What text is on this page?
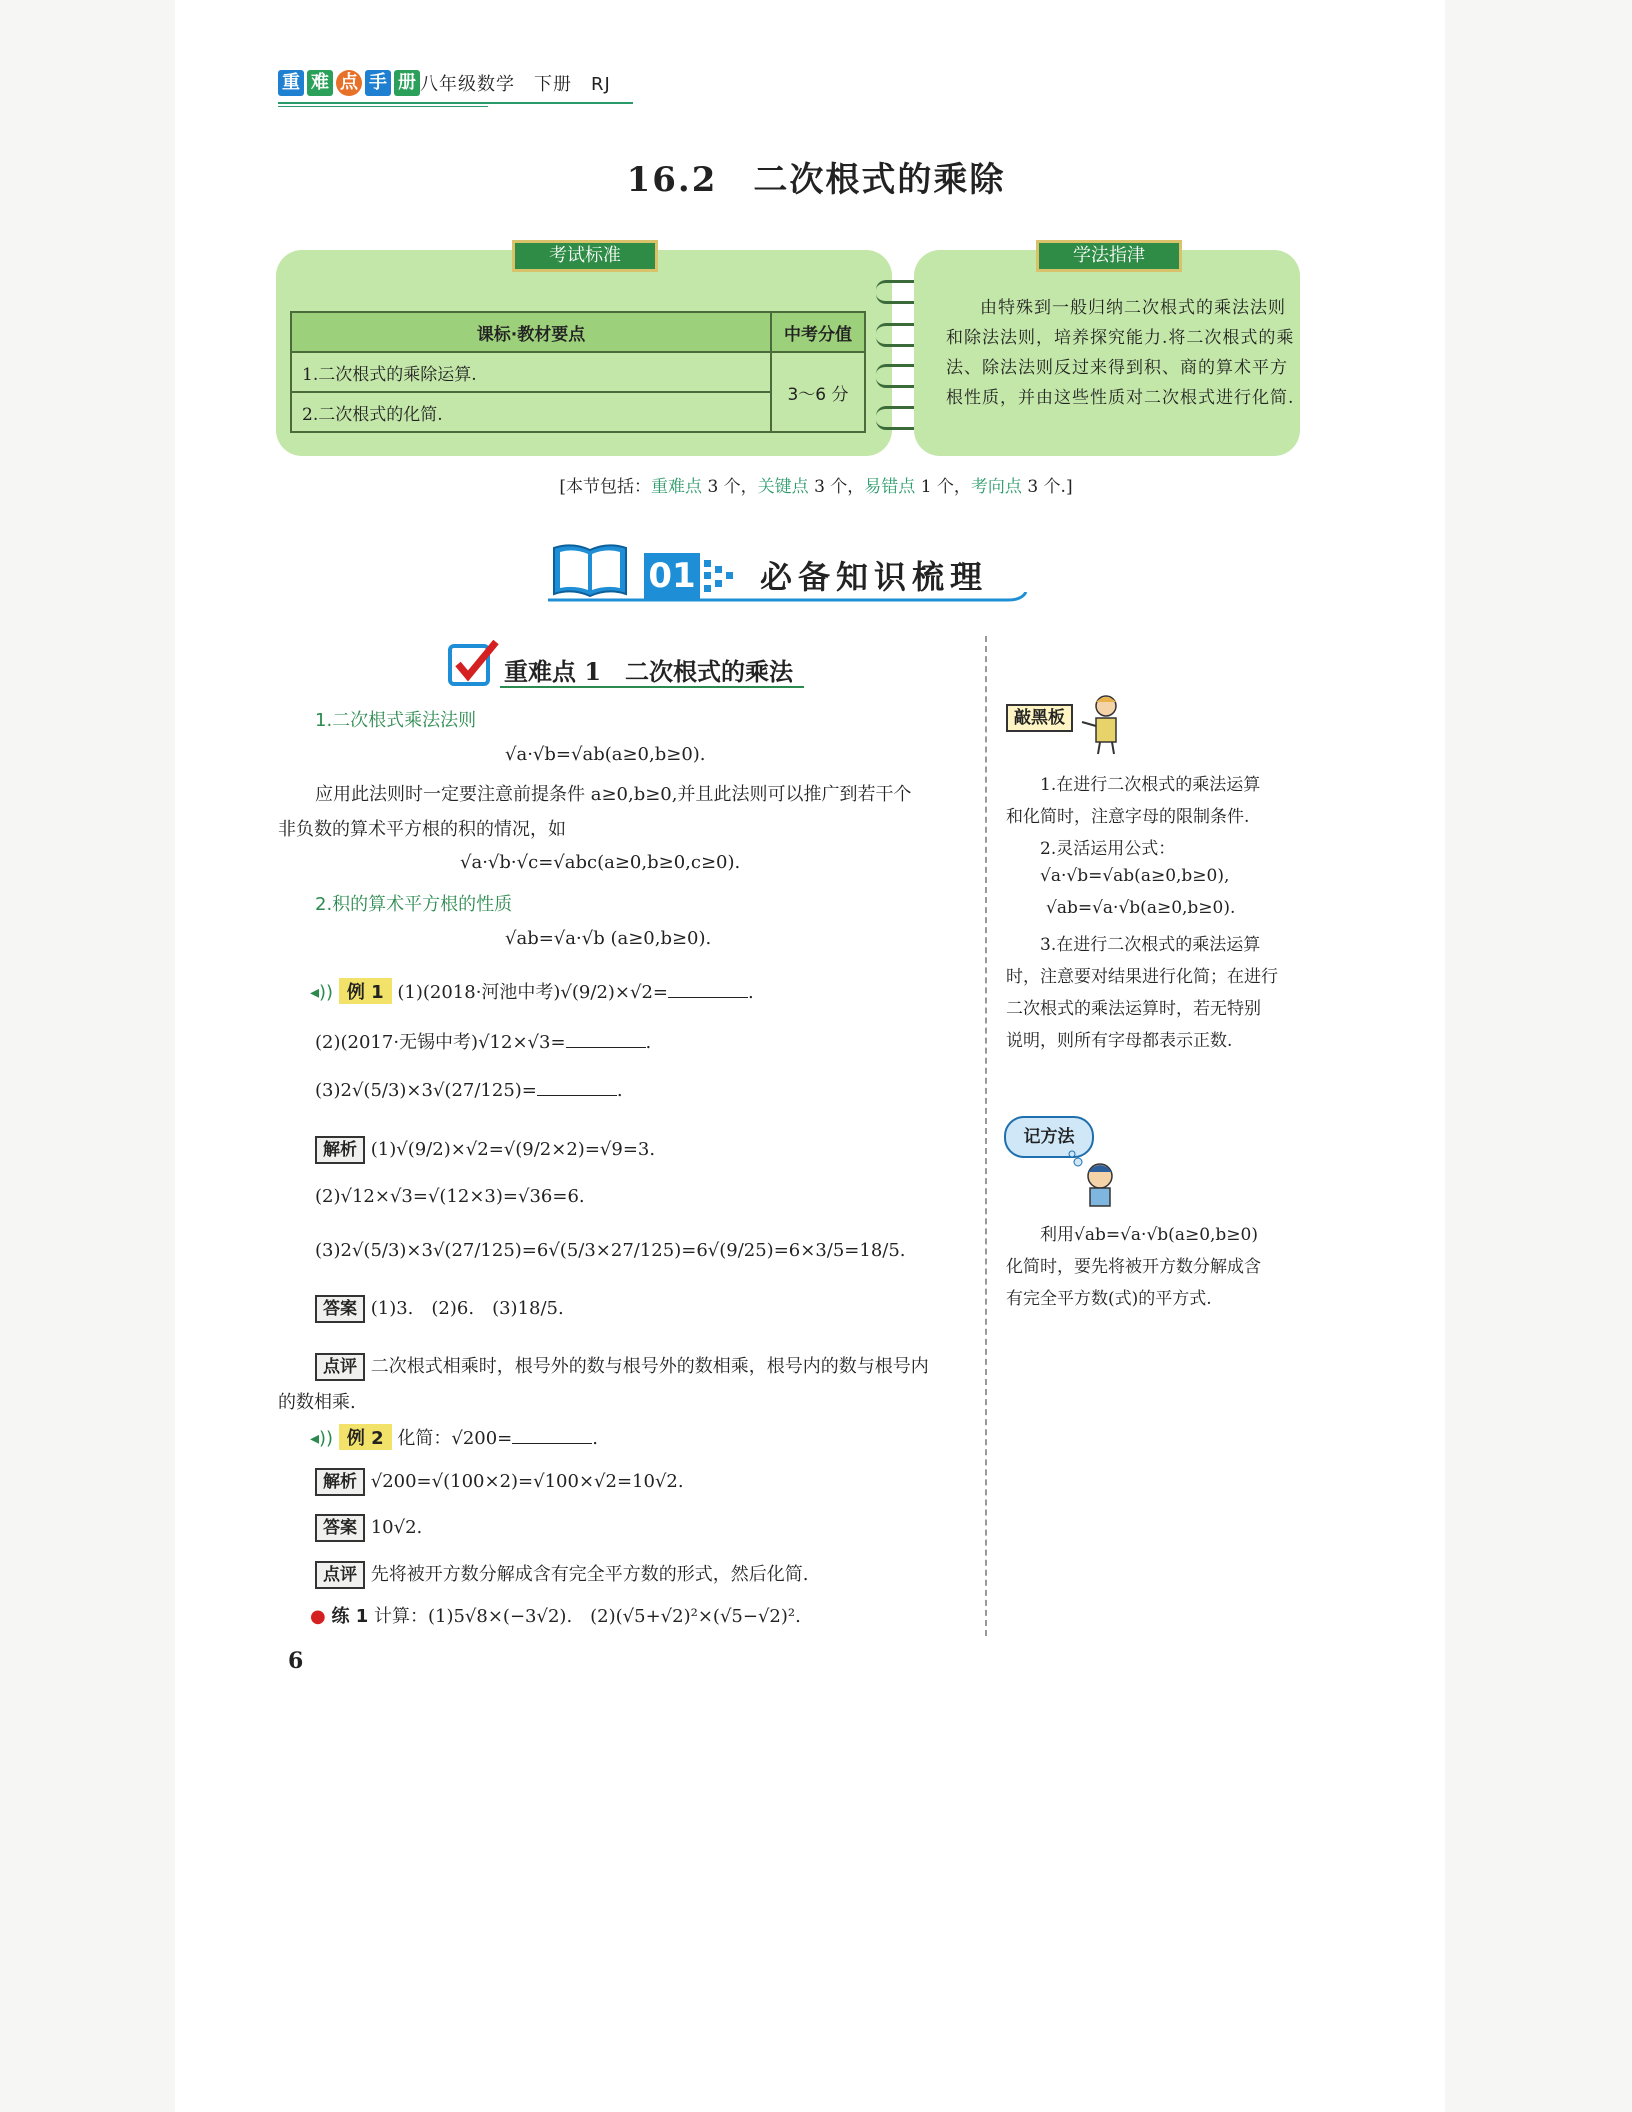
重 难 点 手 册 八年级数学　下册　RJ
16.2　二次根式的乘除
考试标准
课标·教材要点	中考分值
1.二次根式的乘除运算.	3～6 分
2.二次根式的化简.	
学法指津
由特殊到一般归纳二次根式的乘法法则和除法法则，培养探究能力.将二次根式的乘法、除法法则反过来得到积、商的算术平方根性质，并由这些性质对二次根式进行化简.
[本节包括：重难点 3 个，关键点 3 个，易错点 1 个，考向点 3 个.]
01 必备知识梳理
重难点 1　二次根式的乘法
1.二次根式乘法法则
√a·√b=√ab(a≥0,b≥0).
应用此法则时一定要注意前提条件 a≥0,b≥0,并且此法则可以推广到若干个
非负数的算术平方根的积的情况，如
√a·√b·√c=√abc(a≥0,b≥0,c≥0).
2.积的算术平方根的性质
√ab=√a·√b (a≥0,b≥0).
◂)) 例 1 (1)(2018·河池中考)√(9/2)×√2=	.
(2)(2017·无锡中考)√12×√3=	.
(3)2√(5/3)×3√(27/125)=	.
解析 (1)√(9/2)×√2=√(9/2×2)=√9=3.
(2)√12×√3=√(12×3)=√36=6.
(3)2√(5/3)×3√(27/125)=6√(5/3×27/125)=6√(9/25)=6×3/5=18/5.
答案 (1)3.　(2)6.　(3)18/5.
点评 二次根式相乘时，根号外的数与根号外的数相乘，根号内的数与根号内
的数相乘.
◂)) 例 2 化简：√200=	.
解析 √200=√(100×2)=√100×√2=10√2.
答案 10√2.
点评 先将被开方数分解成含有完全平方数的形式，然后化简.
● 练 1 计算：(1)5√8×(−3√2).　(2)(√5+√2)²×(√5−√2)².
敲黑板
1.在进行二次根式的乘法运算
和化简时，注意字母的限制条件.
2.灵活运用公式：
√a·√b=√ab(a≥0,b≥0),
√ab=√a·√b(a≥0,b≥0).
3.在进行二次根式的乘法运算
时，注意要对结果进行化简；在进行
二次根式的乘法运算时，若无特别
说明，则所有字母都表示正数.
记方法
利用√ab=√a·√b(a≥0,b≥0)
化简时，要先将被开方数分解成含
有完全平方数(式)的平方式.
6
